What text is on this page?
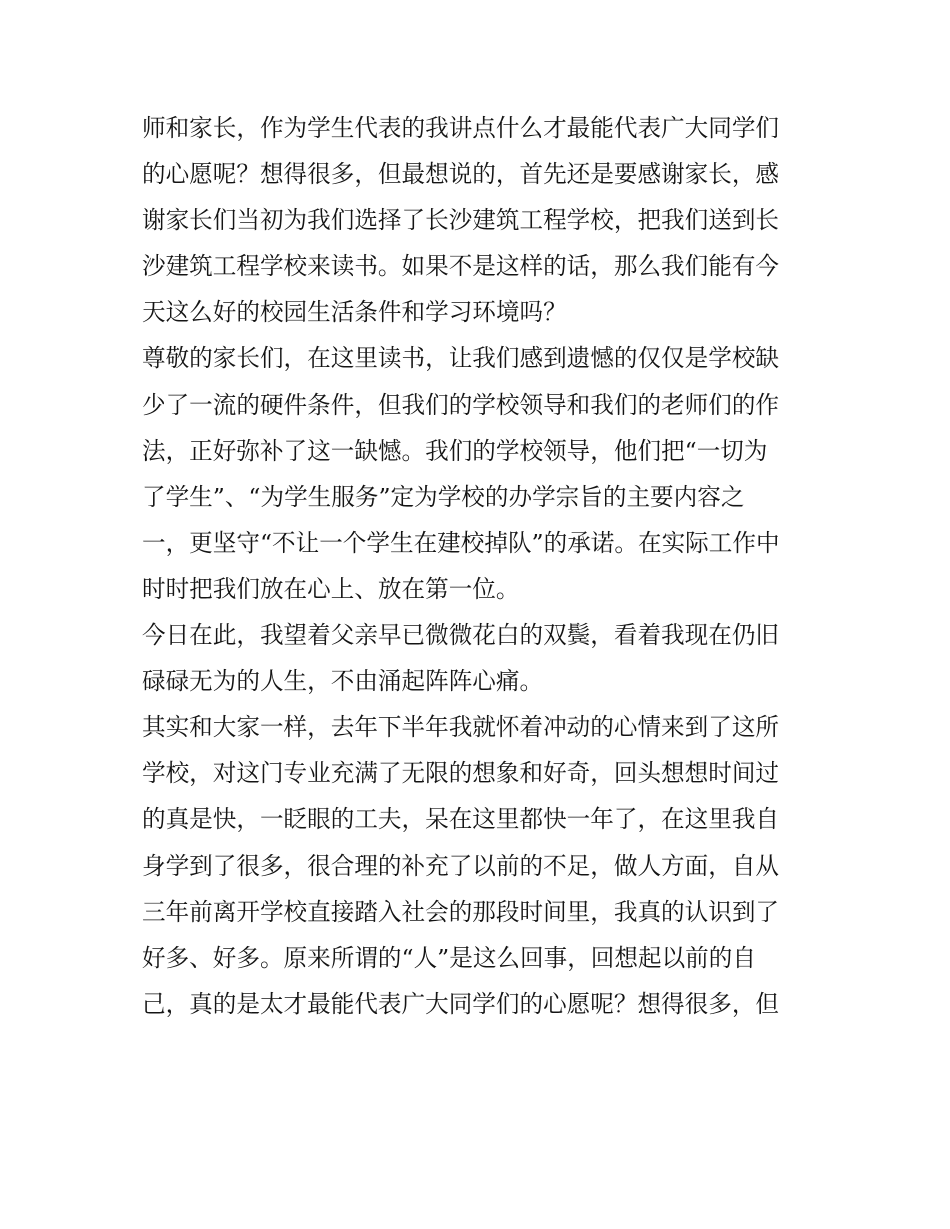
师和家长，作为学生代表的我讲点什么才最能代表广大同学们
的心愿呢？想得很多，但最想说的，首先还是要感谢家长，感
谢家长们当初为我们选择了长沙建筑工程学校，把我们送到长
沙建筑工程学校来读书。如果不是这样的话，那么我们能有今
天这么好的校园生活条件和学习环境吗？
尊敬的家长们，在这里读书，让我们感到遗憾的仅仅是学校缺
少了一流的硬件条件，但我们的学校领导和我们的老师们的作
法，正好弥补了这一缺憾。我们的学校领导，他们把“一切为
了学生”、“为学生服务”定为学校的办学宗旨的主要内容之
一，更坚守“不让一个学生在建校掉队”的承诺。在实际工作中
时时把我们放在心上、放在第一位。
今日在此，我望着父亲早已微微花白的双鬓，看着我现在仍旧
碌碌无为的人生，不由涌起阵阵心痛。
其实和大家一样，去年下半年我就怀着冲动的心情来到了这所
学校，对这门专业充满了无限的想象和好奇，回头想想时间过
的真是快，一眨眼的工夫，呆在这里都快一年了，在这里我自
身学到了很多，很合理的补充了以前的不足，做人方面，自从
三年前离开学校直接踏入社会的那段时间里，我真的认识到了
好多、好多。原来所谓的“人”是这么回事，回想起以前的自
己，真的是太才最能代表广大同学们的心愿呢？想得很多，但
